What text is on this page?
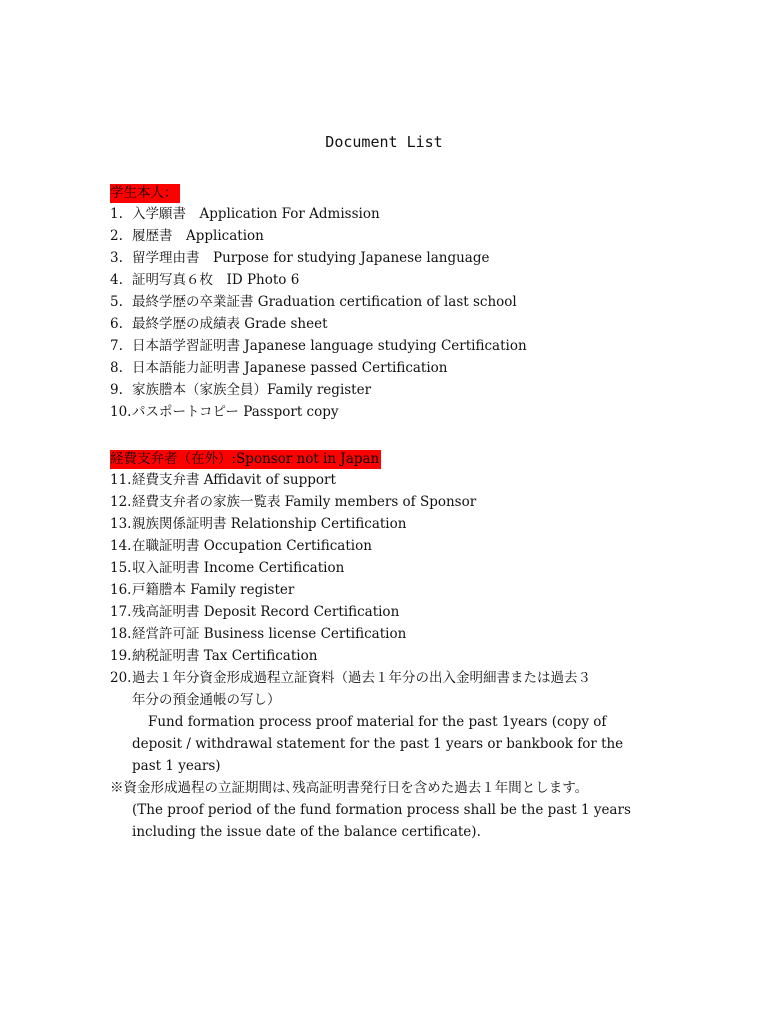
Document List
学生本人：
1. 入学願書　Application For Admission
2. 履歴書　Application
3. 留学理由書　Purpose for studying Japanese language
4. 証明写真６枚　ID Photo 6
5. 最終学歴の卒業証書 Graduation certification of last school
6. 最終学歴の成績表 Grade sheet
7. 日本語学習証明書 Japanese language studying Certification
8. 日本語能力証明書 Japanese passed Certification
9. 家族謄本（家族全員）Family register
10.パスポートコピー Passport copy
経費支弁者（在外）:Sponsor not in Japan
11.経費支弁書 Affidavit of support
12.経費支弁者の家族一覧表 Family members of Sponsor
13.親族関係証明書 Relationship Certification
14.在職証明書 Occupation Certification
15.収入証明書 Income Certification
16.戸籍謄本 Family register
17.残高証明書 Deposit Record Certification
18.経営許可証 Business license Certification
19.納税証明書 Tax Certification
20.過去１年分資金形成過程立証資料（過去１年分の出入金明細書または過去３
年分の預金通帳の写し）
Fund formation process proof material for the past 1years (copy of
deposit / withdrawal statement for the past 1 years or bankbook for the
past 1 years)
※資金形成過程の立証期間は､残高証明書発行日を含めた過去１年間とします。
(The proof period of the fund formation process shall be the past 1 years
including the issue date of the balance certificate).
